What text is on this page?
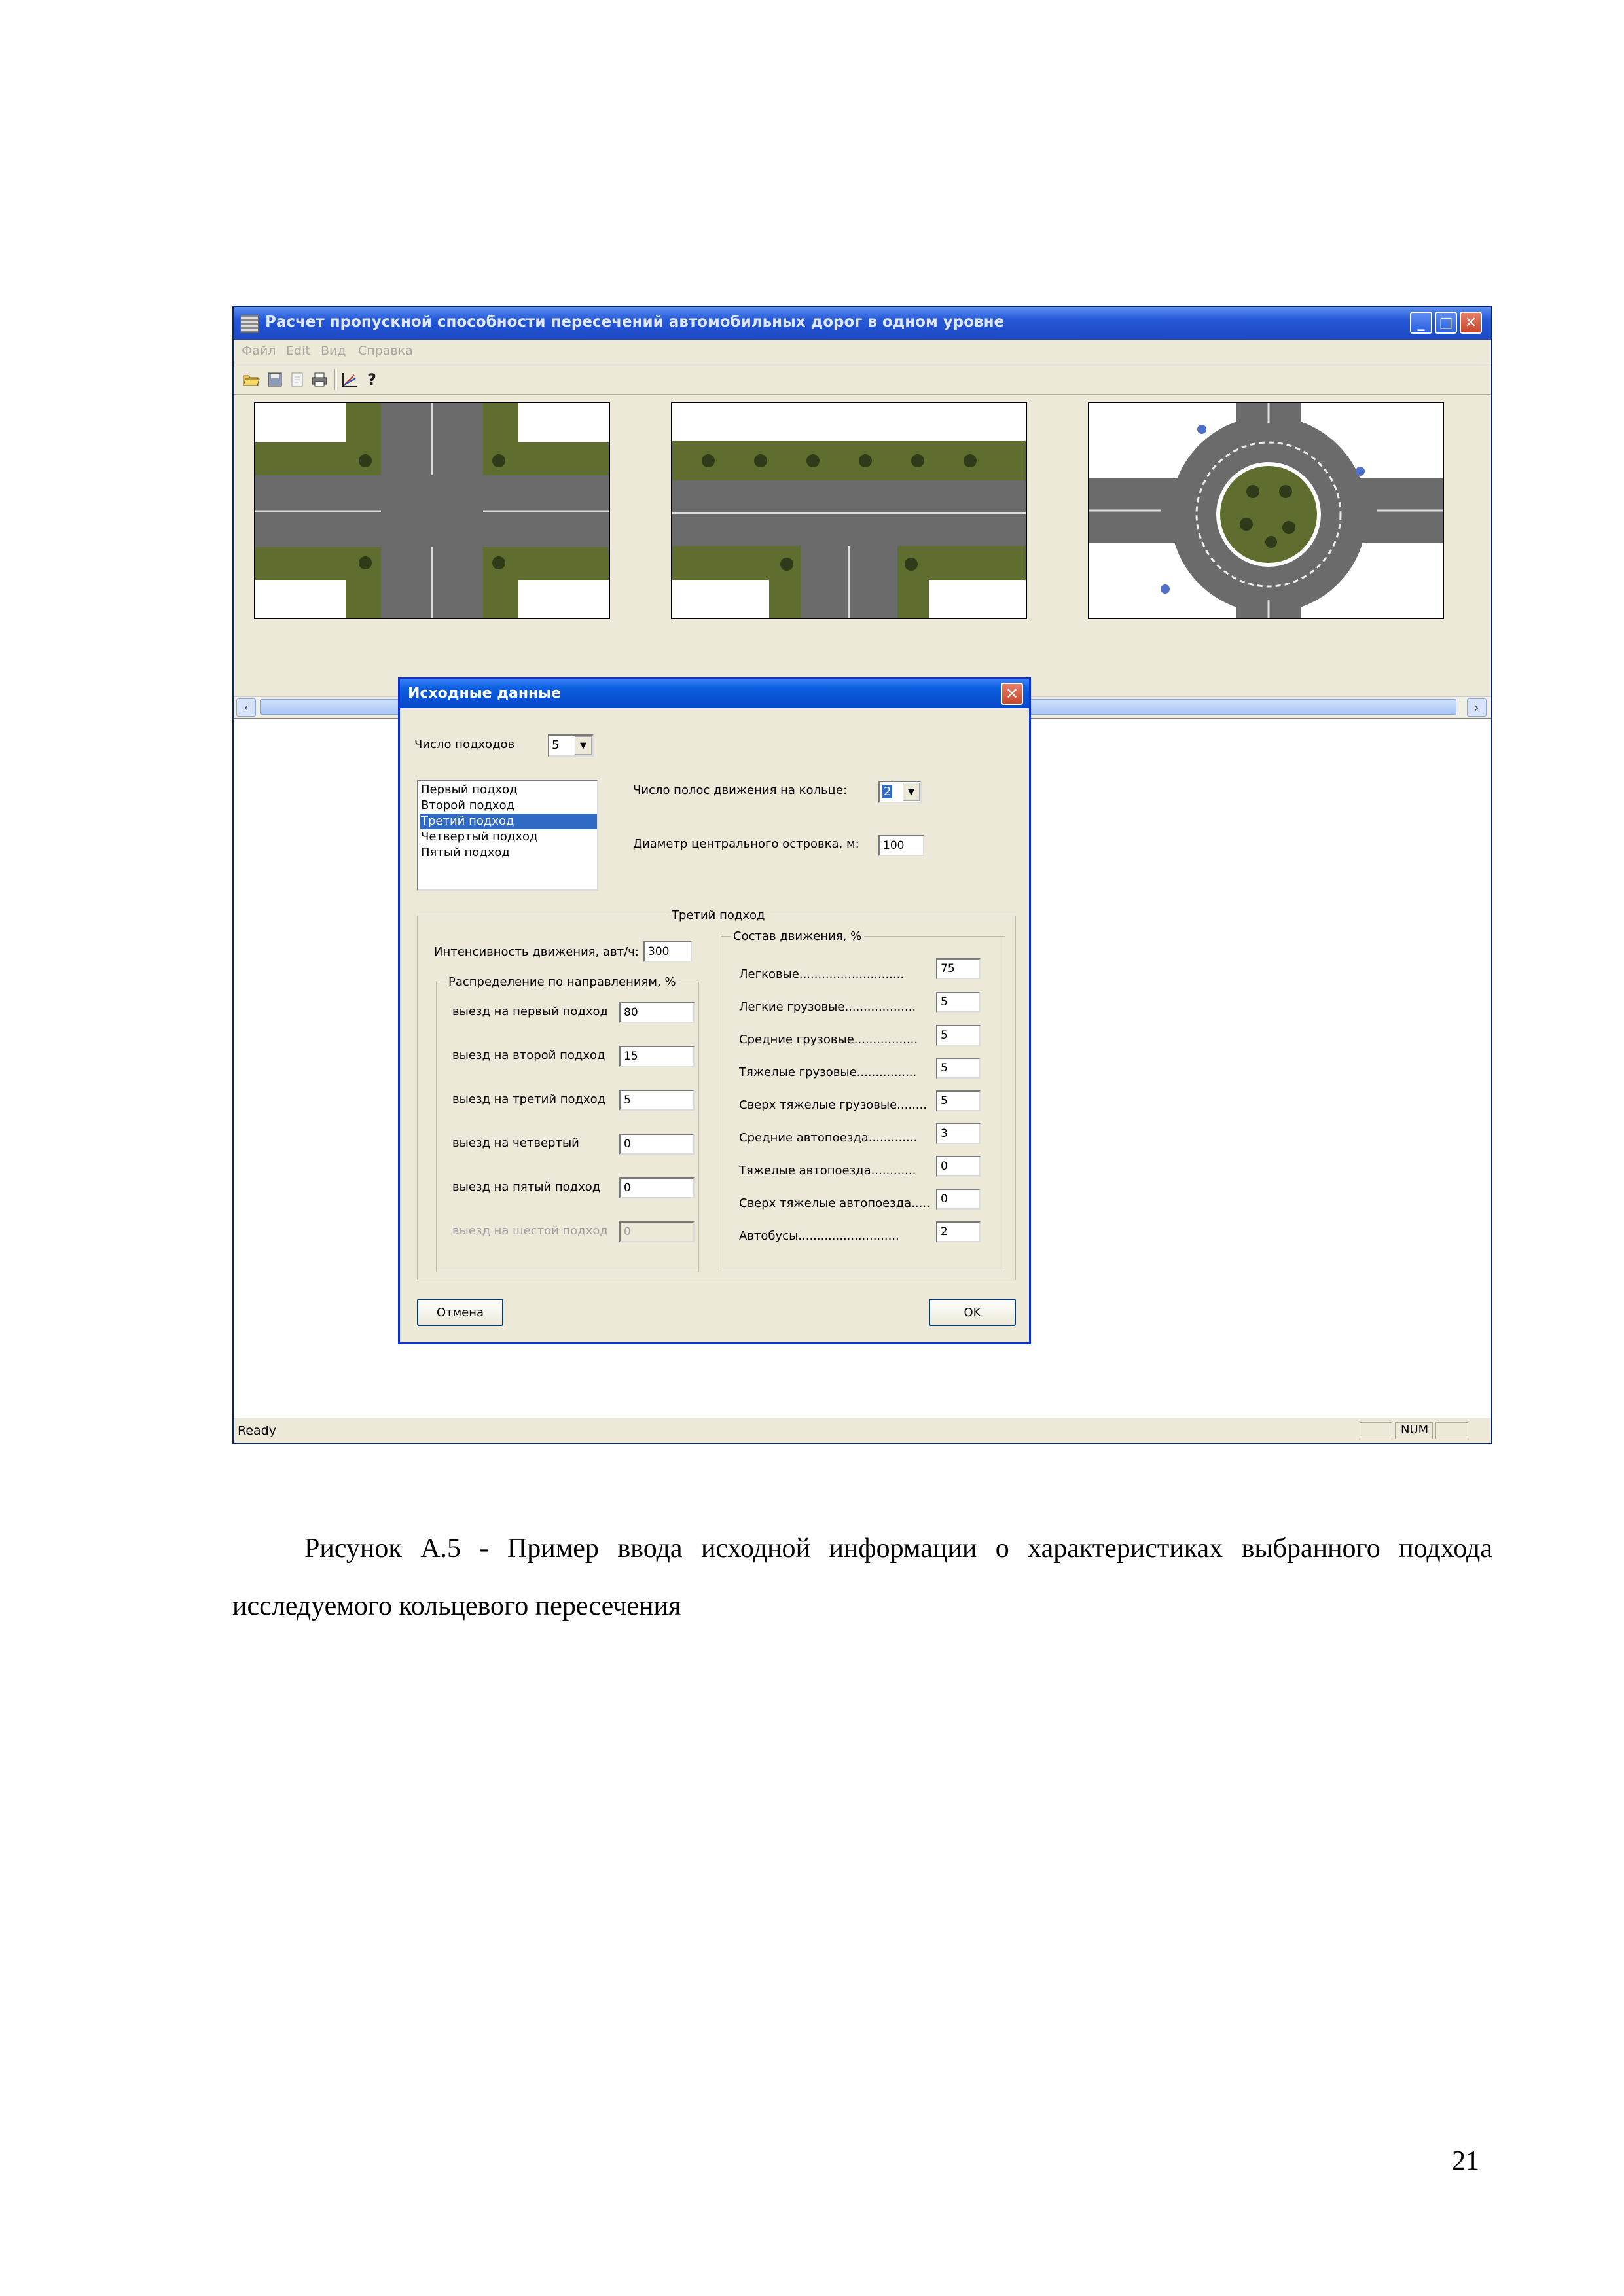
Расчет пропускной способности пересечений автомобильных дорог в одном уровне	_ □ ✕
Файл Edit Вид Справка
?
‹	›
Ready	NUM
Исходные данные	✕
Число подходов	5	▼
Первый подход
Второй подход
Третий подход
Четвертый подход
Пятый подход
Число полос движения на кольце:	2	▼
Диаметр центрального островка, м:	100
Третий подход
Интенсивность движения, авт/ч: 300
Распределение по направлениям, %
выезд на первый подход	80
выезд на второй подход	15
выезд на третий подход	5
выезд на четвертый	0
выезд на пятый подход	0
выезд на шестой подход	0
Состав движения, %
Легковые............................	75
Легкие грузовые...................	5
Средние грузовые.................	5
Тяжелые грузовые................	5
Сверх тяжелые грузовые........	5
Средние автопоезда.............	3
Тяжелые автопоезда............	0
Сверх тяжелые автопоезда..... 0
Автобусы...........................	2
Отмена	OK
Рисунок А.5 - Пример ввода исходной информации о характеристиках выбранного подхода исследуемого кольцевого пересечения
21
